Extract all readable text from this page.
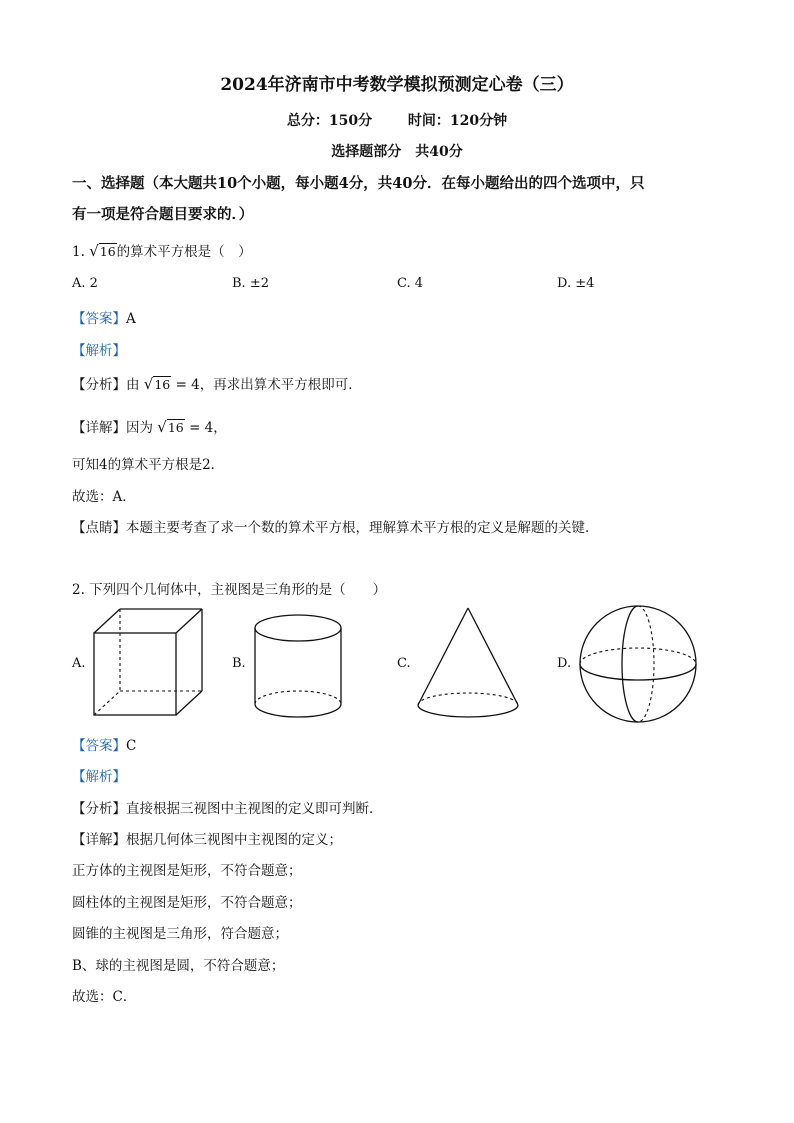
2024年济南市中考数学模拟预测定心卷（三）
总分：150分	时间：120分钟
选择题部分　共40分
一、选择题（本大题共10个小题，每小题4分，共40分．在每小题给出的四个选项中，只
有一项是符合题目要求的．）
1. √16的算术平方根是（　）
A. 2	B. ±2	C. 4	D. ±4
【答案】A
【解析】
【分析】由 √16 = 4，再求出算术平方根即可．
【详解】因为 √16 = 4，
可知4的算术平方根是2．
故选：A．
【点睛】本题主要考查了求一个数的算术平方根，理解算术平方根的定义是解题的关键．
2. 下列四个几何体中，主视图是三角形的是（　　）
A.	B.	C.	D.
【答案】C
【解析】
【分析】直接根据三视图中主视图的定义即可判断．
【详解】根据几何体三视图中主视图的定义；
正方体的主视图是矩形，不符合题意；
圆柱体的主视图是矩形，不符合题意；
圆锥的主视图是三角形，符合题意；
B、球的主视图是圆，不符合题意；
故选：C．
